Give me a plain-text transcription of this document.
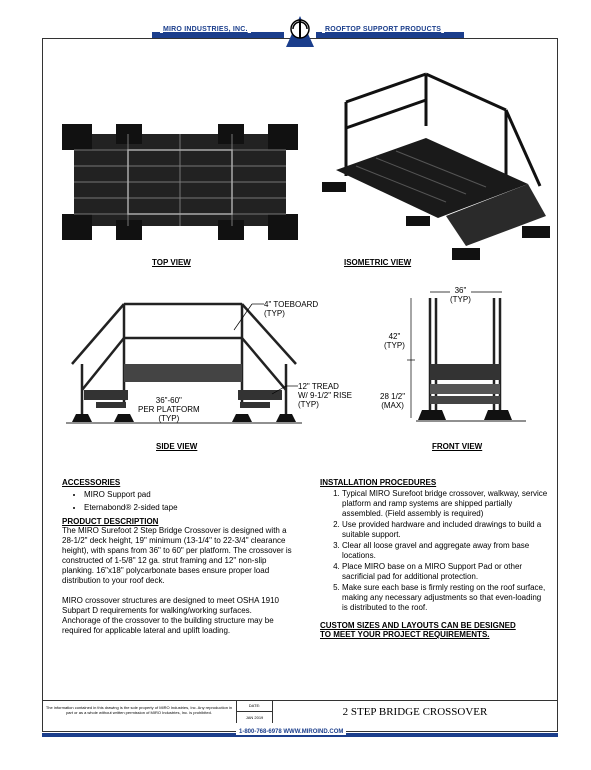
MIRO INDUSTRIES, INC.	ROOFTOP SUPPORT PRODUCTS
TOP VIEW	ISOMETRIC VIEW
4" TOEBOARD
(TYP)
36"-60"
PER PLATFORM
(TYP)
12" TREAD
W/ 9-1/2" RISE
(TYP)
SIDE VIEW
36"
(TYP)
42"
(TYP)
28 1/2"
(MAX)
FRONT VIEW

ACCESSORIES

• MIRO Support pad
• Eternabond® 2-sided tape

PRODUCT DESCRIPTION

The MIRO Surefoot 2 Step Bridge Crossover is designed with a 28-1/2" deck height, 19" minimum (13-1/4" to 22-3/4" clearance height), with spans from 36" to 60" per platform. The crossover is constructed of 1-5/8" 12 ga. strut framing and 12" non-slip planking. 16"x18" polycarbonate bases ensure proper load distribution to your roof deck.
MIRO crossover structures are designed to meet OSHA 1910 Subpart D requirements for walking/working surfaces.
Anchorage of the crossover to the building structure may be required for applicable lateral and uplift loading.

INSTALLATION PROCEDURES

1. Typical MIRO Surefoot bridge crossover, walkway, service platform and ramp systems are shipped partially assembled. (Field assembly is required)
2. Use provided hardware and included drawings to build a suitable support.
3. Clear all loose gravel and aggregate away from base locations.
4. Place MIRO base on a MIRO Support Pad or other sacrificial pad for additional protection.
5. Make sure each base is firmly resting on the roof surface, making any necessary adjustments so that even-loading is distributed to the roof.

CUSTOM SIZES AND LAYOUTS CAN BE DESIGNED

TO MEET YOUR PROJECT REQUIREMENTS.

The information contained in this drawing is the sole property of MIRO Industries, Inc. Any reproduction in part or as a whole without written permission of MIRO Industries, Inc. is prohibited.
DATE:
JAN 2019	2 STEP BRIDGE CROSSOVER
1-800-768-6978 WWW.MIROIND.COM
